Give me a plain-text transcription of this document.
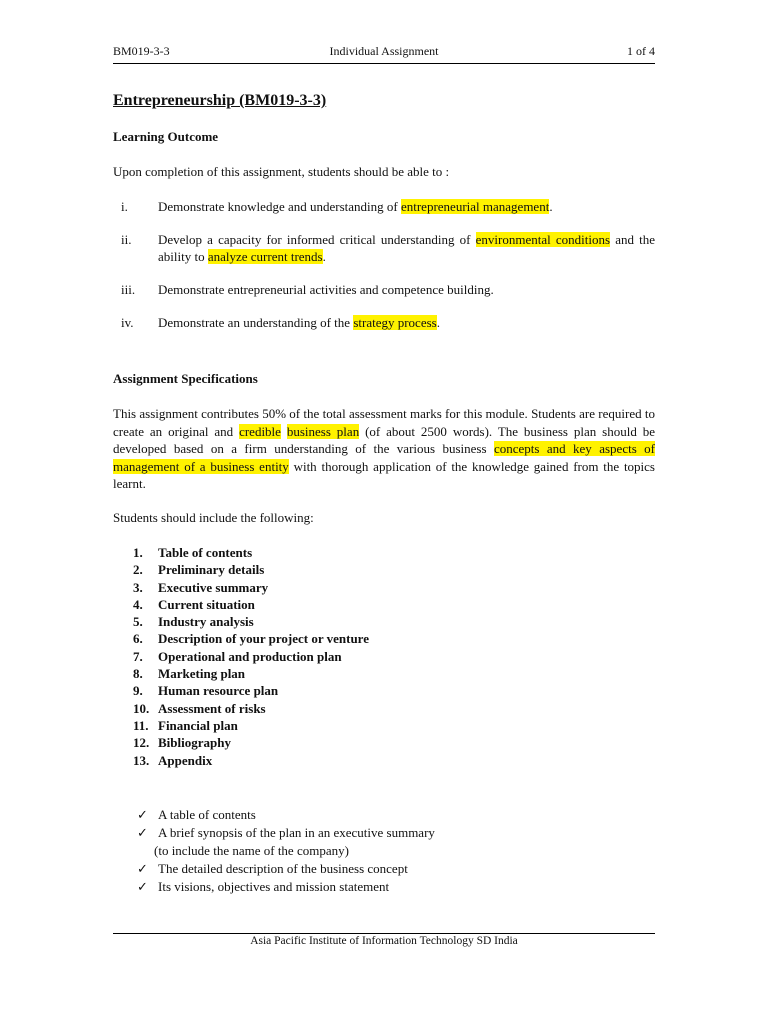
BM019-3-3	Individual Assignment	1 of 4
Entrepreneurship (BM019-3-3)
Learning Outcome
Upon completion of this assignment, students should be able to :
i.	Demonstrate knowledge and understanding of entrepreneurial management.
ii.	Develop a capacity for informed critical understanding of environmental conditions and the ability to analyze current trends.
iii.	Demonstrate entrepreneurial activities and competence building.
iv.	Demonstrate an understanding of the strategy process.
Assignment Specifications
This assignment contributes 50% of the total assessment marks for this module. Students are required to create an original and credible business plan (of about 2500 words). The business plan should be developed based on a firm understanding of the various business concepts and key aspects of management of a business entity with thorough application of the knowledge gained from the topics learnt.
Students should include the following:
1.	Table of contents
2.	Preliminary details
3.	Executive summary
4.	Current situation
5.	Industry analysis
6.	Description of your project or venture
7.	Operational and production plan
8.	Marketing plan
9.	Human resource plan
10. Assessment of risks
11. Financial plan
12. Bibliography
13. Appendix
✓ A table of contents
✓ A brief synopsis of the plan in an executive summary
(to include the name of the company)
✓ The detailed description of the business concept
✓ Its visions, objectives and mission statement
Asia Pacific Institute of Information Technology SD India
